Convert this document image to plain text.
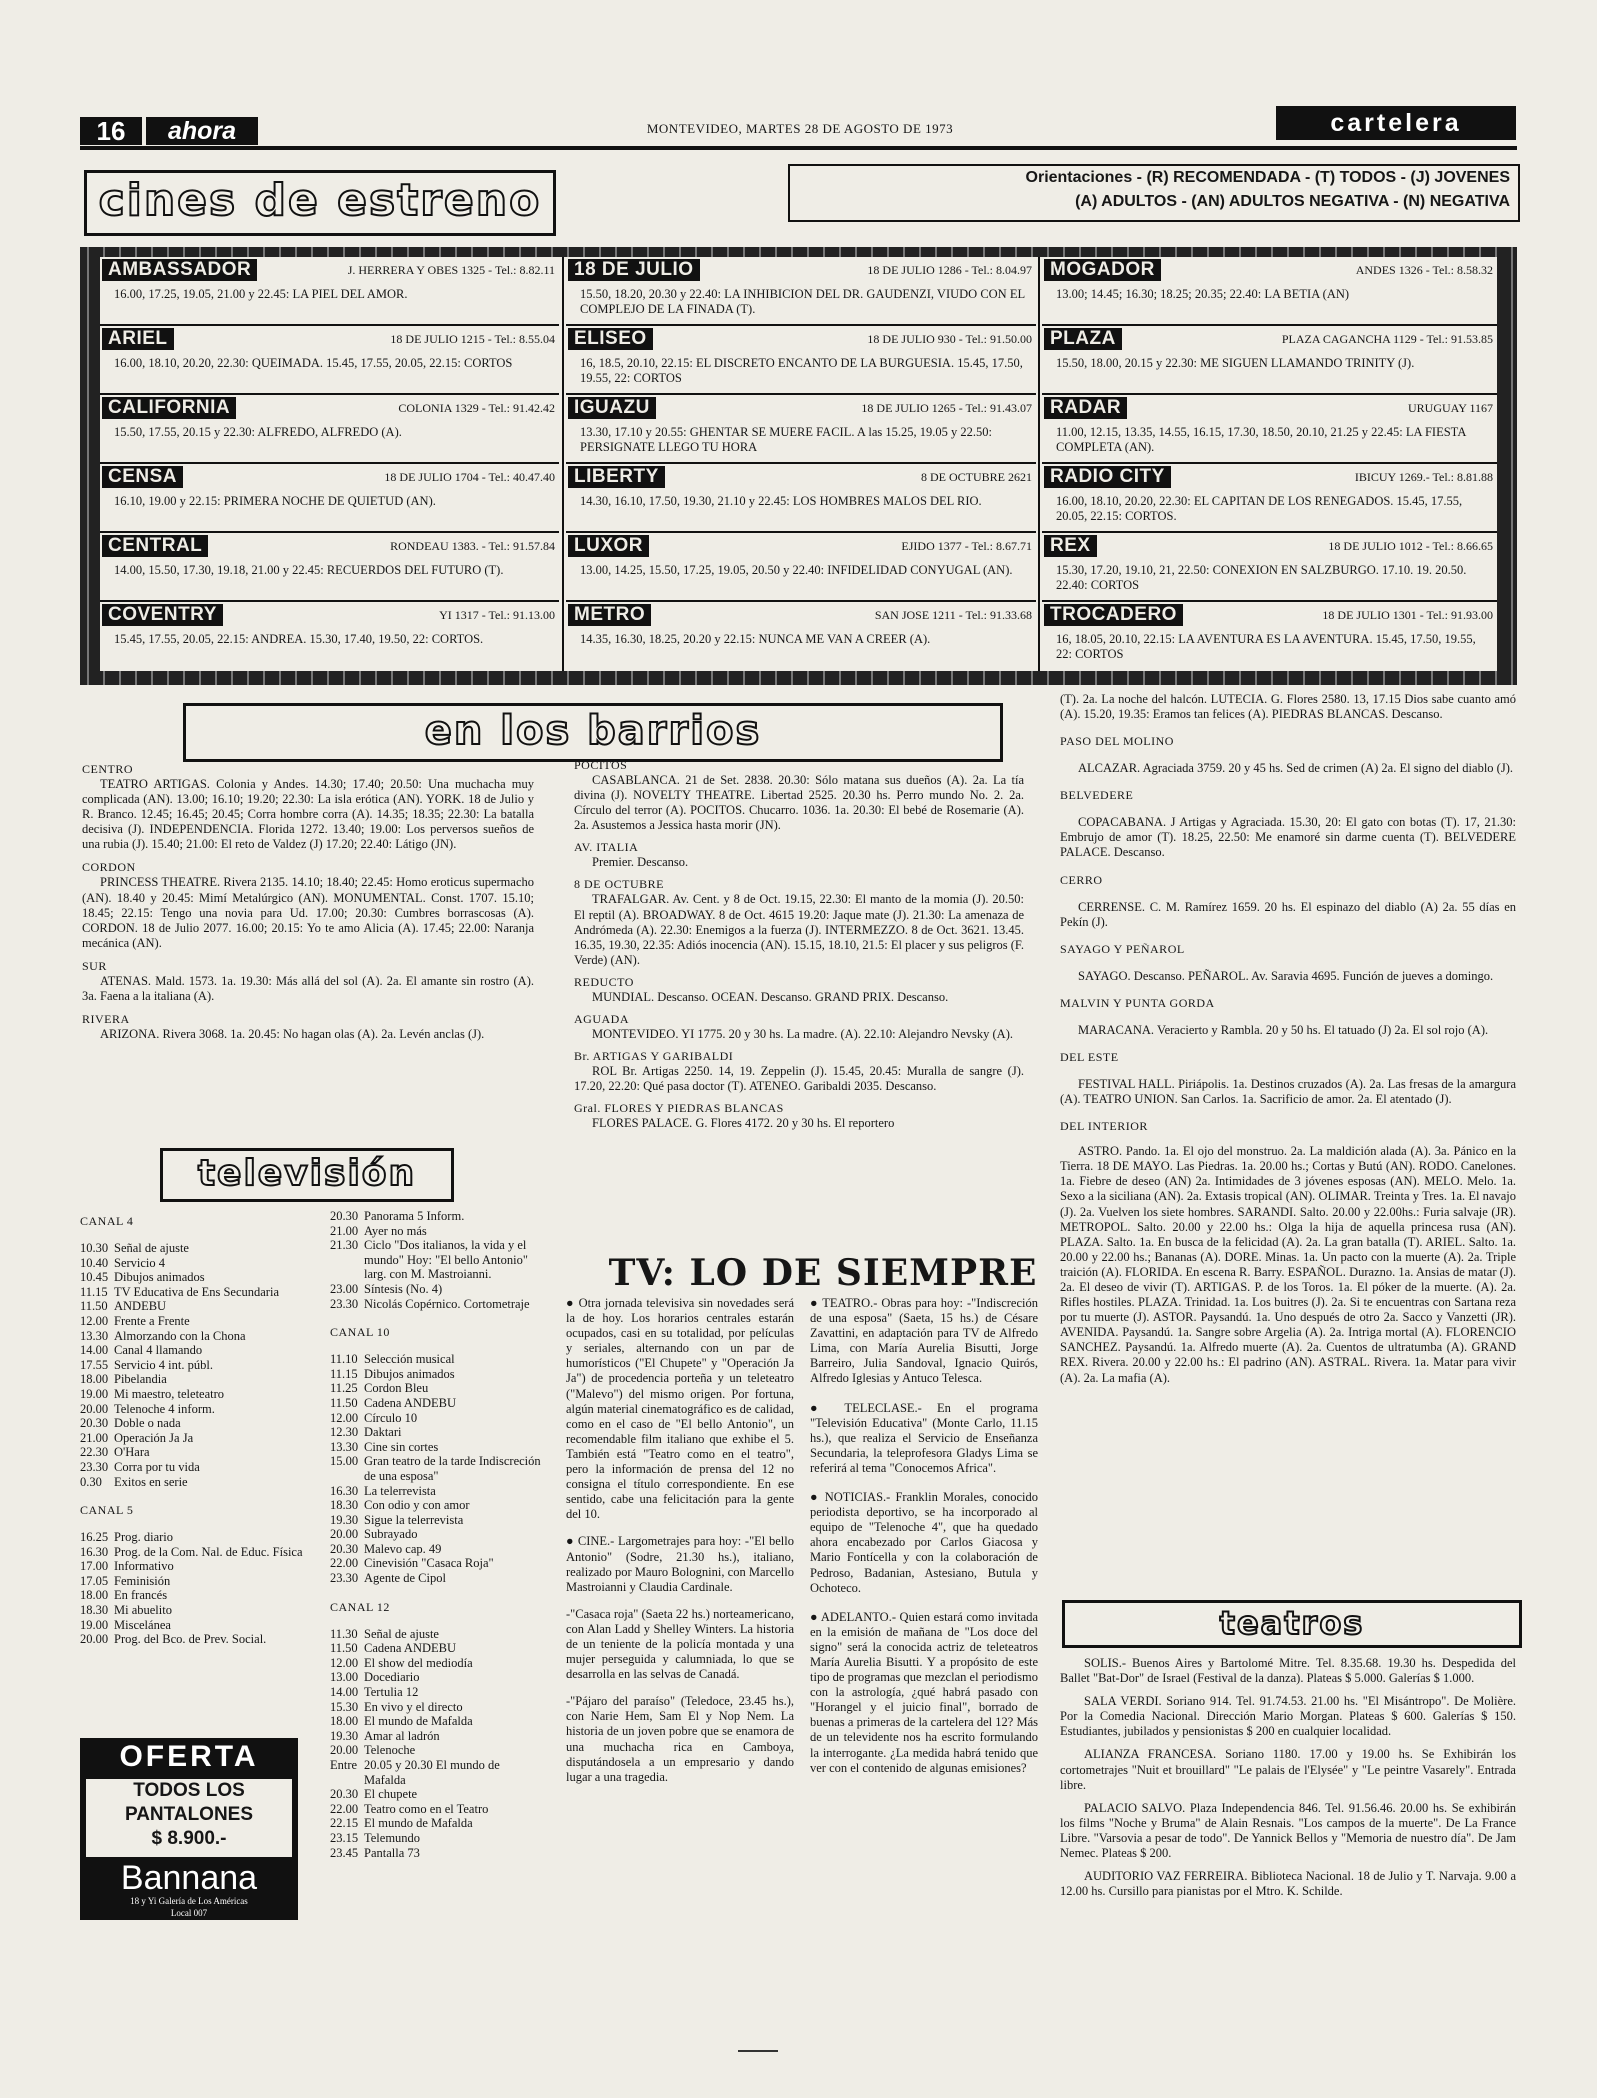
16	ahora	MONTEVIDEO, MARTES 28 DE AGOSTO DE 1973	cartelera
cines de estreno	Orientaciones - (R) RECOMENDADA - (T) TODOS - (J) JOVENES
(A) ADULTOS - (AN) ADULTOS NEGATIVA - (N) NEGATIVA
AMBASSADOR	J. HERRERA Y OBES 1325 - Tel.: 8.82.11
16.00, 17.25, 19.05, 21.00 y 22.45: LA PIEL DEL AMOR.
ARIEL	18 DE JULIO 1215 - Tel.: 8.55.04
16.00, 18.10, 20.20, 22.30: QUEIMADA. 15.45, 17.55, 20.05, 22.15: CORTOS
CALIFORNIA	COLONIA 1329 - Tel.: 91.42.42
15.50, 17.55, 20.15 y 22.30: ALFREDO, ALFREDO (A).
CENSA	18 DE JULIO 1704 - Tel.: 40.47.40
16.10, 19.00 y 22.15: PRIMERA NOCHE DE QUIETUD (AN).
CENTRAL	RONDEAU 1383. - Tel.: 91.57.84
14.00, 15.50, 17.30, 19.18, 21.00 y 22.45: RECUERDOS DEL FUTURO (T).
COVENTRY	YI 1317 - Tel.: 91.13.00
15.45, 17.55, 20.05, 22.15: ANDREA. 15.30, 17.40, 19.50, 22: CORTOS.
18 DE JULIO	18 DE JULIO 1286 - Tel.: 8.04.97
15.50, 18.20, 20.30 y 22.40: LA INHIBICION DEL DR. GAUDENZI, VIUDO CON EL COMPLEJO DE LA FINADA (T).
ELISEO	18 DE JULIO 930 - Tel.: 91.50.00
16, 18.5, 20.10, 22.15: EL DISCRETO ENCANTO DE LA BURGUESIA. 15.45, 17.50, 19.55, 22: CORTOS
IGUAZU	18 DE JULIO 1265 - Tel.: 91.43.07
13.30, 17.10 y 20.55: GHENTAR SE MUERE FACIL. A las 15.25, 19.05 y 22.50: PERSIGNATE LLEGO TU HORA
LIBERTY	8 DE OCTUBRE 2621
14.30, 16.10, 17.50, 19.30, 21.10 y 22.45: LOS HOMBRES MALOS DEL RIO.
LUXOR	EJIDO 1377 - Tel.: 8.67.71
13.00, 14.25, 15.50, 17.25, 19.05, 20.50 y 22.40: INFIDELIDAD CONYUGAL (AN).
METRO	SAN JOSE 1211 - Tel.: 91.33.68
14.35, 16.30, 18.25, 20.20 y 22.15: NUNCA ME VAN A CREER (A).
MOGADOR	ANDES 1326 - Tel.: 8.58.32
13.00; 14.45; 16.30; 18.25; 20.35; 22.40: LA BETIA (AN)
PLAZA	PLAZA CAGANCHA 1129 - Tel.: 91.53.85
15.50, 18.00, 20.15 y 22.30: ME SIGUEN LLAMANDO TRINITY (J).
RADAR	URUGUAY 1167
11.00, 12.15, 13.35, 14.55, 16.15, 17.30, 18.50, 20.10, 21.25 y 22.45: LA FIESTA COMPLETA (AN).
RADIO CITY	IBICUY 1269.- Tel.: 8.81.88
16.00, 18.10, 20.20, 22.30: EL CAPITAN DE LOS RENEGADOS. 15.45, 17.55, 20.05, 22.15: CORTOS.
REX	18 DE JULIO 1012 - Tel.: 8.66.65
15.30, 17.20, 19.10, 21, 22.50: CONEXION EN SALZBURGO. 17.10. 19. 20.50. 22.40: CORTOS
TROCADERO	18 DE JULIO 1301 - Tel.: 91.93.00
16, 18.05, 20.10, 22.15: LA AVENTURA ES LA AVENTURA. 15.45, 17.50, 19.55, 22: CORTOS
en los barrios
CENTRO
TEATRO ARTIGAS. Colonia y Andes. 14.30; 17.40; 20.50: Una muchacha muy complicada (AN). 13.00; 16.10; 19.20; 22.30: La isla erótica (AN). YORK. 18 de Julio y R. Branco. 12.45; 16.45; 20.45; Corra hombre corra (A). 14.35; 18.35; 22.30: La batalla decisiva (J). INDEPENDENCIA. Florida 1272. 13.40; 19.00: Los perversos sueños de una rubia (J). 15.40; 21.00: El reto de Valdez (J) 17.20; 22.40: Látigo (JN).
CORDON
PRINCESS THEATRE. Rivera 2135. 14.10; 18.40; 22.45: Homo eroticus supermacho (AN). 18.40 y 20.45: Mimí Metalúrgico (AN). MONUMENTAL. Const. 1707. 15.10; 18.45; 22.15: Tengo una novia para Ud. 17.00; 20.30: Cumbres borrascosas (A). CORDON. 18 de Julio 2077. 16.00; 20.15: Yo te amo Alicia (A). 17.45; 22.00: Naranja mecánica (AN).
SUR
ATENAS. Mald. 1573. 1a. 19.30: Más allá del sol (A). 2a. El amante sin rostro (A). 3a. Faena a la italiana (A).
RIVERA
ARIZONA. Rivera 3068. 1a. 20.45: No hagan olas (A). 2a. Levén anclas (J).
POCITOS
CASABLANCA. 21 de Set. 2838. 20.30: Sólo matana sus dueños (A). 2a. La tía divina (J). NOVELTY THEATRE. Libertad 2525. 20.30 hs. Perro mundo No. 2. 2a. Círculo del terror (A). POCITOS. Chucarro. 1036. 1a. 20.30: El bebé de Rosemarie (A). 2a. Asustemos a Jessica hasta morir (JN).
AV. ITALIA
Premier. Descanso.
8 DE OCTUBRE
TRAFALGAR. Av. Cent. y 8 de Oct. 19.15, 22.30: El manto de la momia (J). 20.50: El reptil (A). BROADWAY. 8 de Oct. 4615 19.20: Jaque mate (J). 21.30: La amenaza de Andrómeda (A). 22.30: Enemigos a la fuerza (J). INTERMEZZO. 8 de Oct. 3621. 13.45. 16.35, 19.30, 22.35: Adiós inocencia (AN). 15.15, 18.10, 21.5: El placer y sus peligros (F. Verde) (AN).
REDUCTO
MUNDIAL. Descanso. OCEAN. Descanso. GRAND PRIX. Descanso.
AGUADA
MONTEVIDEO. YI 1775. 20 y 30 hs. La madre. (A). 22.10: Alejandro Nevsky (A).
Br. ARTIGAS Y GARIBALDI
ROL Br. Artigas 2250. 14, 19. Zeppelin (J). 15.45, 20.45: Muralla de sangre (J). 17.20, 22.20: Qué pasa doctor (T). ATENEO. Garibaldi 2035. Descanso.
Gral. FLORES Y PIEDRAS BLANCAS
FLORES PALACE. G. Flores 4172. 20 y 30 hs. El reportero
(T). 2a. La noche del halcón. LUTECIA. G. Flores 2580. 13, 17.15 Dios sabe cuanto amó (A). 15.20, 19.35: Eramos tan felices (A). PIEDRAS BLANCAS. Descanso.
PASO DEL MOLINO
ALCAZAR. Agraciada 3759. 20 y 45 hs. Sed de crimen (A) 2a. El signo del diablo (J).
BELVEDERE
COPACABANA. J Artigas y Agraciada. 15.30, 20: El gato con botas (T). 17, 21.30: Embrujo de amor (T). 18.25, 22.50: Me enamoré sin darme cuenta (T). BELVEDERE PALACE. Descanso.
CERRO
CERRENSE. C. M. Ramírez 1659. 20 hs. El espinazo del diablo (A) 2a. 55 días en Pekín (J).
SAYAGO Y PEÑAROL
SAYAGO. Descanso. PEÑAROL. Av. Saravia 4695. Función de jueves a domingo.
MALVIN Y PUNTA GORDA
MARACANA. Veracierto y Rambla. 20 y 50 hs. El tatuado (J) 2a. El sol rojo (A).
DEL ESTE
FESTIVAL HALL. Piriápolis. 1a. Destinos cruzados (A). 2a. Las fresas de la amargura (A). TEATRO UNION. San Carlos. 1a. Sacrificio de amor. 2a. El atentado (J).
DEL INTERIOR
ASTRO. Pando. 1a. El ojo del monstruo. 2a. La maldición alada (A). 3a. Pánico en la Tierra. 18 DE MAYO. Las Piedras. 1a. 20.00 hs.; Cortas y Butú (AN). RODO. Canelones. 1a. Fiebre de deseo (AN) 2a. Intimidades de 3 jóvenes esposas (AN). MELO. Melo. 1a. Sexo a la siciliana (AN). 2a. Extasis tropical (AN). OLIMAR. Treinta y Tres. 1a. El navajo (J). 2a. Vuelven los siete hombres. SARANDI. Salto. 20.00 y 22.00hs.: Furia salvaje (JR). METROPOL. Salto. 20.00 y 22.00 hs.: Olga la hija de aquella princesa rusa (AN). PLAZA. Salto. 1a. En busca de la felicidad (A). 2a. La gran batalla (T). ARIEL. Salto. 1a. 20.00 y 22.00 hs.; Bananas (A). DORE. Minas. 1a. Un pacto con la muerte (A). 2a. Triple traición (A). FLORIDA. En escena R. Barry. ESPAÑOL. Durazno. 1a. Ansias de matar (J). 2a. El deseo de vivir (T). ARTIGAS. P. de los Toros. 1a. El póker de la muerte. (A). 2a. Rifles hostiles. PLAZA. Trinidad. 1a. Los buitres (J). 2a. Si te encuentras con Sartana reza por tu muerte (J). ASTOR. Paysandú. 1a. Uno después de otro 2a. Sacco y Vanzetti (JR). AVENIDA. Paysandú. 1a. Sangre sobre Argelia (A). 2a. Intriga mortal (A). FLORENCIO SANCHEZ. Paysandú. 1a. Alfredo muerte (A). 2a. Cuentos de ultratumba (A). GRAND REX. Rivera. 20.00 y 22.00 hs.: El padrino (AN). ASTRAL. Rivera. 1a. Matar para vivir (A). 2a. La mafia (A).
televisión
CANAL 4
10.30 Señal de ajuste
10.40 Servicio 4
10.45 Dibujos animados
11.15 TV Educativa de Ens Secundaria
11.50 ANDEBU
12.00 Frente a Frente
13.30 Almorzando con la Chona
14.00 Canal 4 llamando
17.55 Servicio 4 int. públ.
18.00 Pibelandia
19.00 Mi maestro, teleteatro
20.00 Telenoche 4 inform.
20.30 Doble o nada
21.00 Operación Ja Ja
22.30 O'Hara
23.30 Corra por tu vida
0.30 Exitos en serie
CANAL 5
16.25 Prog. diario
16.30 Prog. de la Com. Nal. de Educ. Física
17.00 Informativo
17.05 Feminisión
18.00 En francés
18.30 Mi abuelito
19.00 Miscelánea
20.00 Prog. del Bco. de Prev. Social.
20.30 Panorama 5 Inform.
21.00 Ayer no más
21.30 Ciclo "Dos italianos, la vida y el mundo" Hoy: "El bello Antonio" larg. con M. Mastroianni.
23.00 Síntesis (No. 4)
23.30 Nicolás Copérnico. Cortometraje
CANAL 10
11.10 Selección musical
11.15 Dibujos animados
11.25 Cordon Bleu
11.50 Cadena ANDEBU
12.00 Círculo 10
12.30 Daktari
13.30 Cine sin cortes
15.00 Gran teatro de la tarde Indiscreción de una esposa"
16.30 La telerrevista
18.30 Con odio y con amor
19.30 Sigue la telerrevista
20.00 Subrayado
20.30 Malevo cap. 49
22.00 Cinevisión "Casaca Roja"
23.30 Agente de Cipol
CANAL 12
11.30 Señal de ajuste
11.50 Cadena ANDEBU
12.00 El show del mediodía
13.00 Docediario
14.00 Tertulia 12
15.30 En vivo y el directo
18.00 El mundo de Mafalda
19.30 Amar al ladrón
20.00 Telenoche
Entre 20.05 y 20.30 El mundo de Mafalda
20.30 El chupete
22.00 Teatro como en el Teatro
22.15 El mundo de Mafalda
23.15 Telemundo
23.45 Pantalla 73
TV: LO DE SIEMPRE
● Otra jornada televisiva sin novedades será la de hoy. Los horarios centrales estarán ocupados, casi en su totalidad, por películas y seriales, alternando con un par de humorísticos ("El Chupete" y "Operación Ja Ja") de procedencia porteña y un teleteatro ("Malevo") del mismo origen. Por fortuna, algún material cinematográfico es de calidad, como en el caso de "El bello Antonio", un recomendable film italiano que exhibe el 5. También está "Teatro como en el teatro", pero la información de prensa del 12 no consigna el título correspondiente. En ese sentido, cabe una felicitación para la gente del 10.
● CINE.- Largometrajes para hoy: -"El bello Antonio" (Sodre, 21.30 hs.), italiano, realizado por Mauro Bolognini, con Marcello Mastroianni y Claudia Cardinale.
-"Casaca roja" (Saeta 22 hs.) norteamericano, con Alan Ladd y Shelley Winters. La historia de un teniente de la policía montada y una mujer perseguida y calumniada, lo que se desarrolla en las selvas de Canadá.
-"Pájaro del paraíso" (Teledoce, 23.45 hs.), con Narie Hem, Sam El y Nop Nem. La historia de un joven pobre que se enamora de una muchacha rica en Camboya, disputándosela a un empresario y dando lugar a una tragedia.
● TEATRO.- Obras para hoy: -"Indiscreción de una esposa" (Saeta, 15 hs.) de Césare Zavattini, en adaptación para TV de Alfredo Lima, con María Aurelia Bisutti, Jorge Barreiro, Julia Sandoval, Ignacio Quirós, Alfredo Iglesias y Antuco Telesca.
● TELECLASE.- En el programa "Televisión Educativa" (Monte Carlo, 11.15 hs.), que realiza el Servicio de Enseñanza Secundaria, la teleprofesora Gladys Lima se referirá al tema "Conocemos Africa".
● NOTICIAS.- Franklin Morales, conocido periodista deportivo, se ha incorporado al equipo de "Telenoche 4", que ha quedado ahora encabezado por Carlos Giacosa y Mario Fontícella y con la colaboración de Pedroso, Badanian, Astesiano, Butula y Ochoteco.
● ADELANTO.- Quien estará como invitada en la emisión de mañana de "Los doce del signo" será la conocida actriz de teleteatros María Aurelia Bisutti. Y a propósito de este tipo de programas que mezclan el periodismo con la astrología, ¿qué habrá pasado con "Horangel y el juicio final", borrado de buenas a primeras de la cartelera del 12? Más de un televidente nos ha escrito formulando la interrogante. ¿La medida habrá tenido que ver con el contenido de algunas emisiones?
teatros
SOLIS.- Buenos Aires y Bartolomé Mitre. Tel. 8.35.68. 19.30 hs. Despedida del Ballet "Bat-Dor" de Israel (Festival de la danza). Plateas $ 5.000. Galerías $ 1.000.
SALA VERDI. Soriano 914. Tel. 91.74.53. 21.00 hs. "El Misántropo". De Molière. Por la Comedia Nacional. Dirección Mario Morgan. Plateas $ 600. Galerías $ 150. Estudiantes, jubilados y pensionistas $ 200 en cualquier localidad.
ALIANZA FRANCESA. Soriano 1180. 17.00 y 19.00 hs. Se Exhibirán los cortometrajes "Nuit et brouillard" "Le palais de l'Elysée" y "Le peintre Vasarely". Entrada libre.
PALACIO SALVO. Plaza Independencia 846. Tel. 91.56.46. 20.00 hs. Se exhibirán los films "Noche y Bruma" de Alain Resnais. "Los campos de la muerte". De La France Libre. "Varsovia a pesar de todo". De Yannick Bellos y "Memoria de nuestro día". De Jam Nemec. Plateas $ 200.
AUDITORIO VAZ FERREIRA. Biblioteca Nacional. 18 de Julio y T. Narvaja. 9.00 a 12.00 hs. Cursillo para pianistas por el Mtro. K. Schilde.
OFERTA
TODOS LOS
PANTALONES
$ 8.900.-
Bannana
18 y Yi Galería de Los Américas
Local 007
